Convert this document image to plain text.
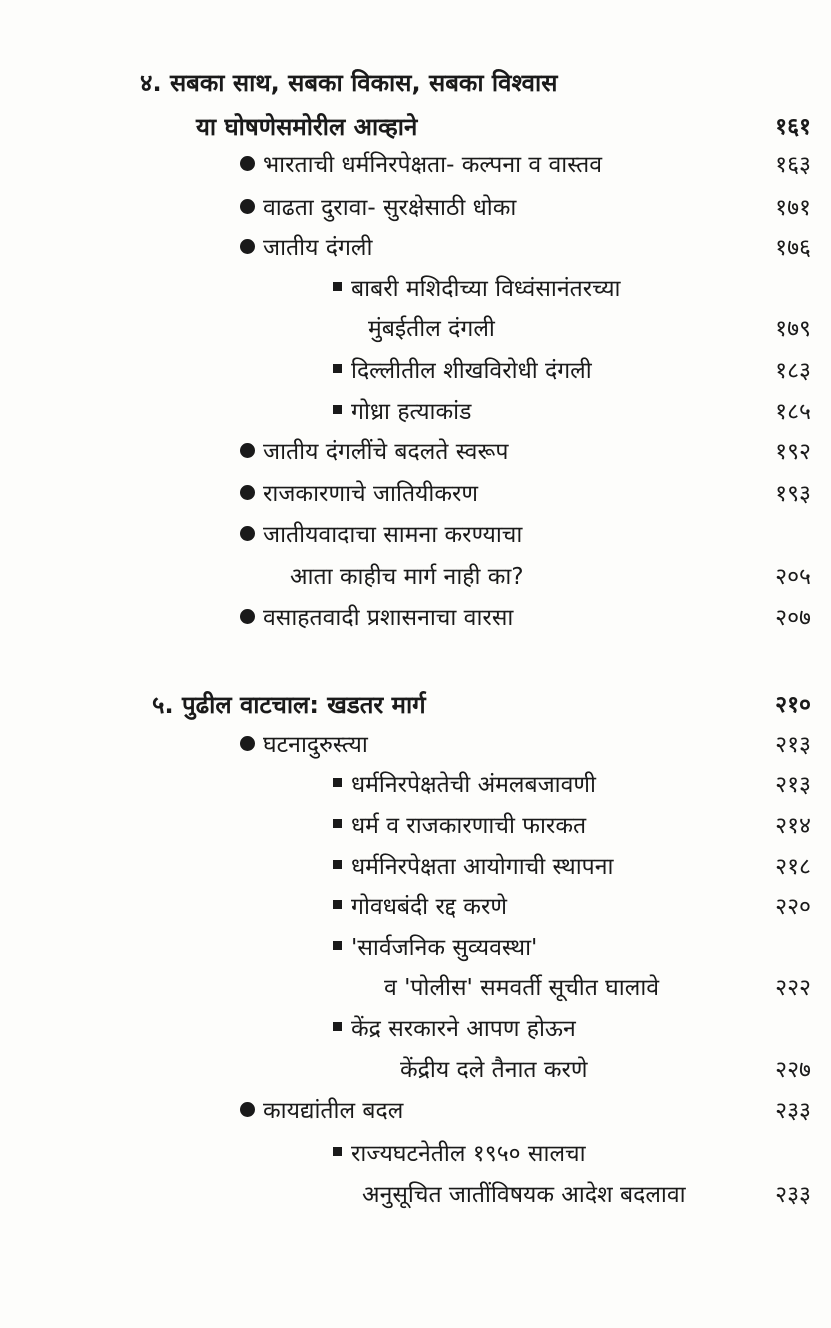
४. सबका साथ, सबका विकास, सबका विश्वास
या घोषणेसमोरील आव्हाने	१६१
भारताची धर्मनिरपेक्षता- कल्पना व वास्तव	१६३
वाढता दुरावा- सुरक्षेसाठी धोका	१७१
जातीय दंगली	१७६
बाबरी मशिदीच्या विध्वंसानंतरच्या
मुंबईतील दंगली	१७९
दिल्लीतील शीखविरोधी दंगली	१८३
गोध्रा हत्याकांड	१८५
जातीय दंगलींचे बदलते स्वरूप	१९२
राजकारणाचे जातियीकरण	१९३
जातीयवादाचा सामना करण्याचा
आता काहीच मार्ग नाही का?	२०५
वसाहतवादी प्रशासनाचा वारसा	२०७
५. पुढील वाटचाल: खडतर मार्ग	२१०
घटनादुरुस्त्या	२१३
धर्मनिरपेक्षतेची अंमलबजावणी	२१३
धर्म व राजकारणाची फारकत	२१४
धर्मनिरपेक्षता आयोगाची स्थापना	२१८
गोवधबंदी रद्द करणे	२२०
'सार्वजनिक सुव्यवस्था'
व 'पोलीस' समवर्ती सूचीत घालावे	२२२
केंद्र सरकारने आपण होऊन
केंद्रीय दले तैनात करणे	२२७
कायद्यांतील बदल	२३३
राज्यघटनेतील १९५० सालचा
अनुसूचित जातींविषयक आदेश बदलावा	२३३
